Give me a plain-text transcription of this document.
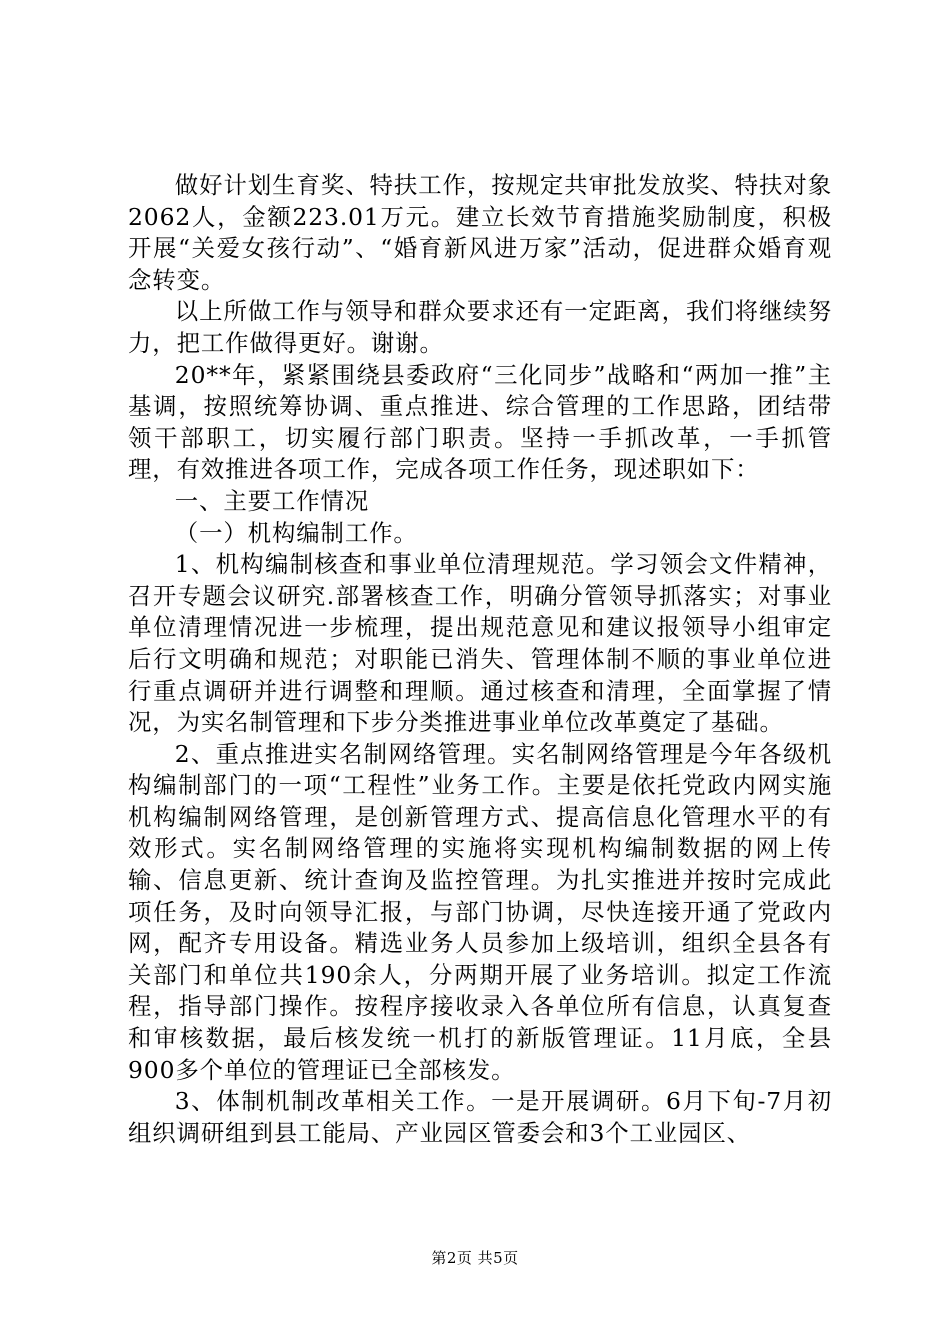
做好计划生育奖、特扶工作，按规定共审批发放奖、特扶对象2062人，金额223.01万元。建立长效节育措施奖励制度，积极开展“关爱女孩行动”、“婚育新风进万家”活动，促进群众婚育观念转变。

以上所做工作与领导和群众要求还有一定距离，我们将继续努力，把工作做得更好。谢谢。

20**年，紧紧围绕县委政府“三化同步”战略和“两加一推”主基调，按照统筹协调、重点推进、综合管理的工作思路，团结带领干部职工，切实履行部门职责。坚持一手抓改革，一手抓管理，有效推进各项工作，完成各项工作任务，现述职如下：

一、主要工作情况

（一）机构编制工作。

1、机构编制核查和事业单位清理规范。学习领会文件精神，召开专题会议研究.部署核查工作，明确分管领导抓落实；对事业单位清理情况进一步梳理，提出规范意见和建议报领导小组审定后行文明确和规范；对职能已消失、管理体制不顺的事业单位进行重点调研并进行调整和理顺。通过核查和清理，全面掌握了情况，为实名制管理和下步分类推进事业单位改革奠定了基础。

2、重点推进实名制网络管理。实名制网络管理是今年各级机构编制部门的一项“工程性”业务工作。主要是依托党政内网实施机构编制网络管理，是创新管理方式、提高信息化管理水平的有效形式。实名制网络管理的实施将实现机构编制数据的网上传输、信息更新、统计查询及监控管理。为扎实推进并按时完成此项任务，及时向领导汇报，与部门协调，尽快连接开通了党政内网，配齐专用设备。精选业务人员参加上级培训，组织全县各有关部门和单位共190余人，分两期开展了业务培训。拟定工作流程，指导部门操作。按程序接收录入各单位所有信息，认真复查和审核数据，最后核发统一机打的新版管理证。11月底，全县900多个单位的管理证已全部核发。

3、体制机制改革相关工作。一是开展调研。6月下旬-7月初组织调研组到县工能局、产业园区管委会和3个工业园区、

第2页 共5页
